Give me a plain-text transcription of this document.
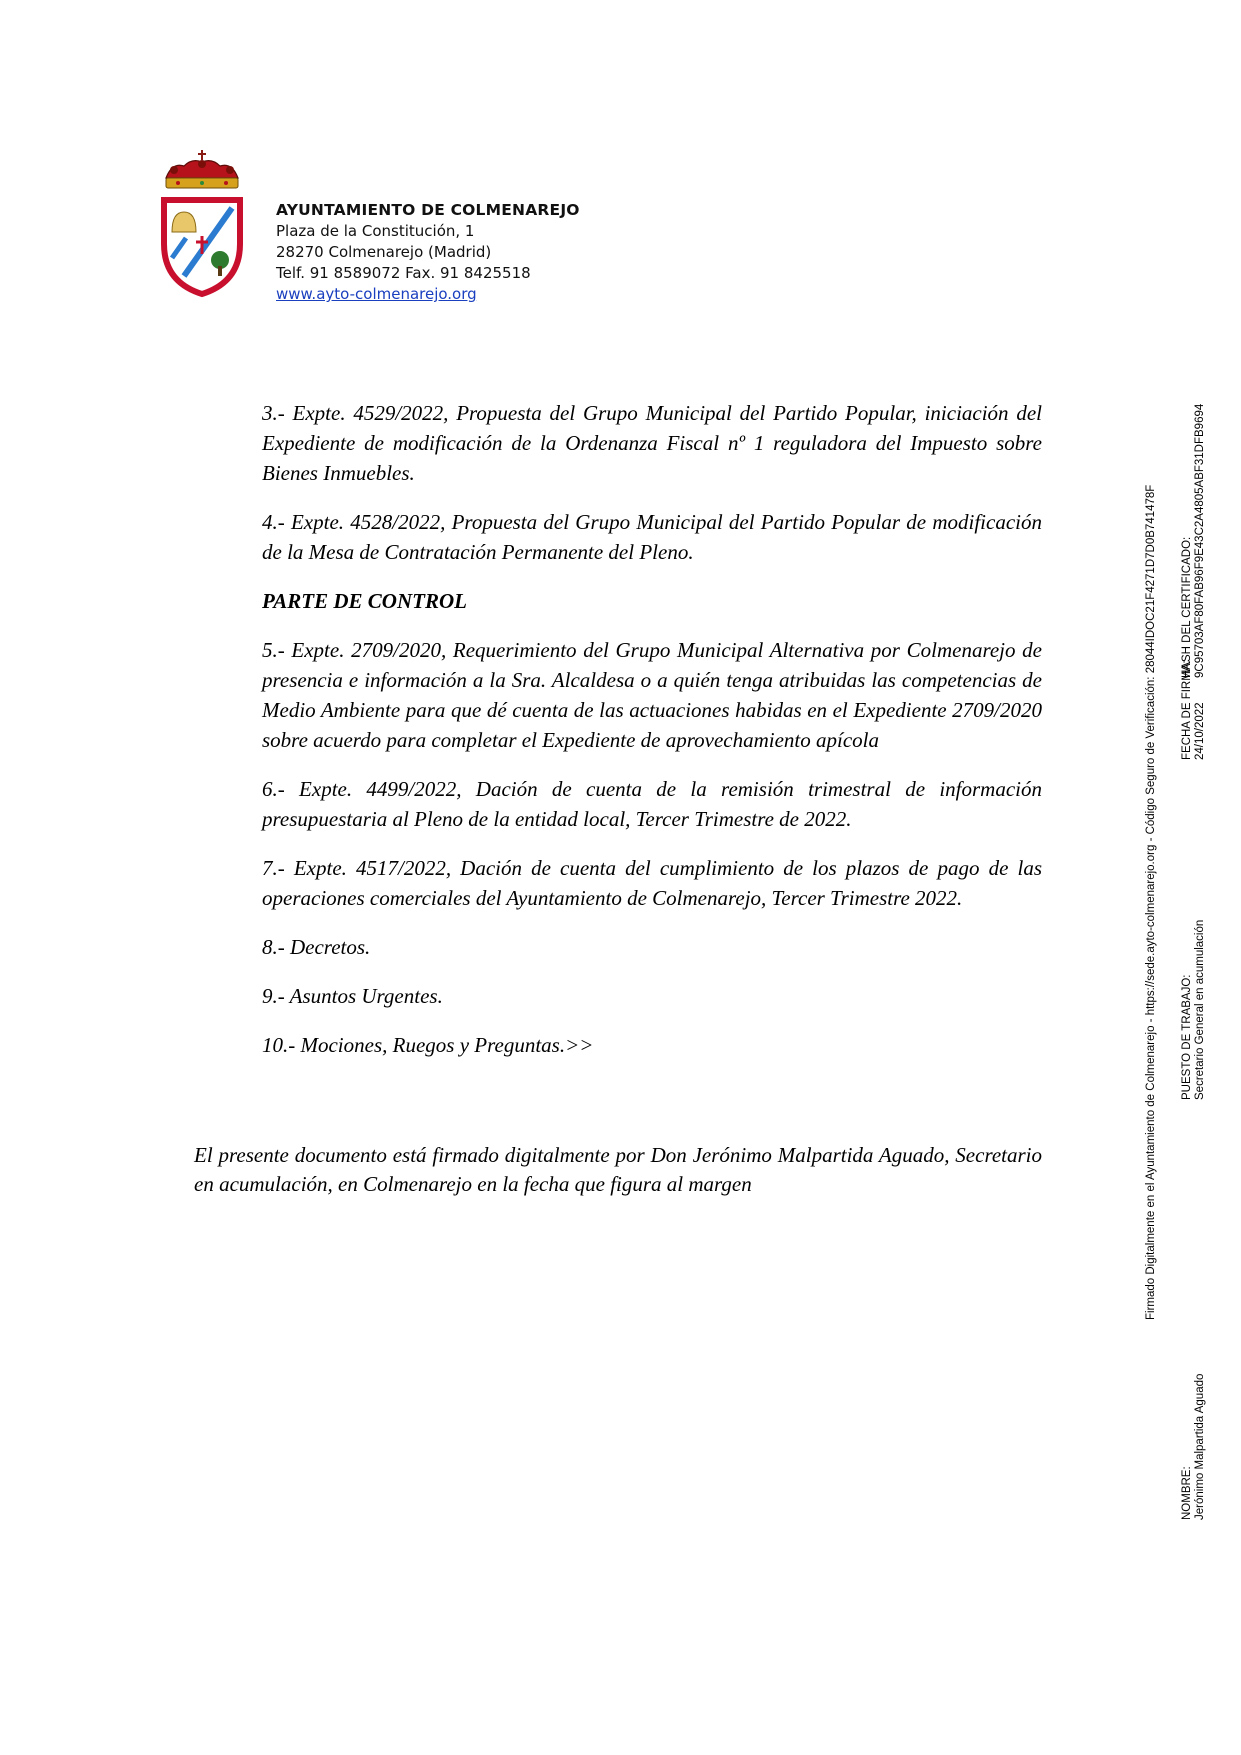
AYUNTAMIENTO DE COLMENAREJO
Plaza de la Constitución, 1
28270 Colmenarejo (Madrid)
Telf. 91 8589072 Fax. 91 8425518
www.ayto-colmenarejo.org

3.- Expte. 4529/2022, Propuesta del Grupo Municipal del Partido Popular, iniciación del Expediente de modificación de la Ordenanza Fiscal nº 1 reguladora del Impuesto sobre Bienes Inmuebles.

4.- Expte. 4528/2022, Propuesta del Grupo Municipal del Partido Popular de modificación de la Mesa de Contratación Permanente del Pleno.

PARTE DE CONTROL

5.- Expte. 2709/2020, Requerimiento del Grupo Municipal Alternativa por Colmenarejo de presencia e información a la Sra. Alcaldesa o a quién tenga atribuidas las competencias de Medio Ambiente para que dé cuenta de las actuaciones habidas en el Expediente 2709/2020 sobre acuerdo para completar el Expediente de aprovechamiento apícola

6.- Expte. 4499/2022, Dación de cuenta de la remisión trimestral de información presupuestaria al Pleno de la entidad local, Tercer Trimestre de 2022.

7.- Expte. 4517/2022, Dación de cuenta del cumplimiento de los plazos de pago de las operaciones comerciales del Ayuntamiento de Colmenarejo, Tercer Trimestre 2022.

8.- Decretos.

9.- Asuntos Urgentes.

10.- Mociones, Ruegos y Preguntas.>>

El presente documento está firmado digitalmente por Don Jerónimo Malpartida Aguado, Secretario en acumulación, en Colmenarejo en la fecha que figura al margen

NOMBRE: Jerónimo Malpartida Aguado
PUESTO DE TRABAJO: Secretario General en acumulación
FECHA DE FIRMA: 24/10/2022
HASH DEL CERTIFICADO: 9C95703AF80FAB96F9E43C2A4805ABF31DFB9694
Firmado Digitalmente en el Ayuntamiento de Colmenarejo - https://sede.ayto-colmenarejo.org - Código Seguro de Verificación: 28044IDOC21F4271D7D0B741478F
